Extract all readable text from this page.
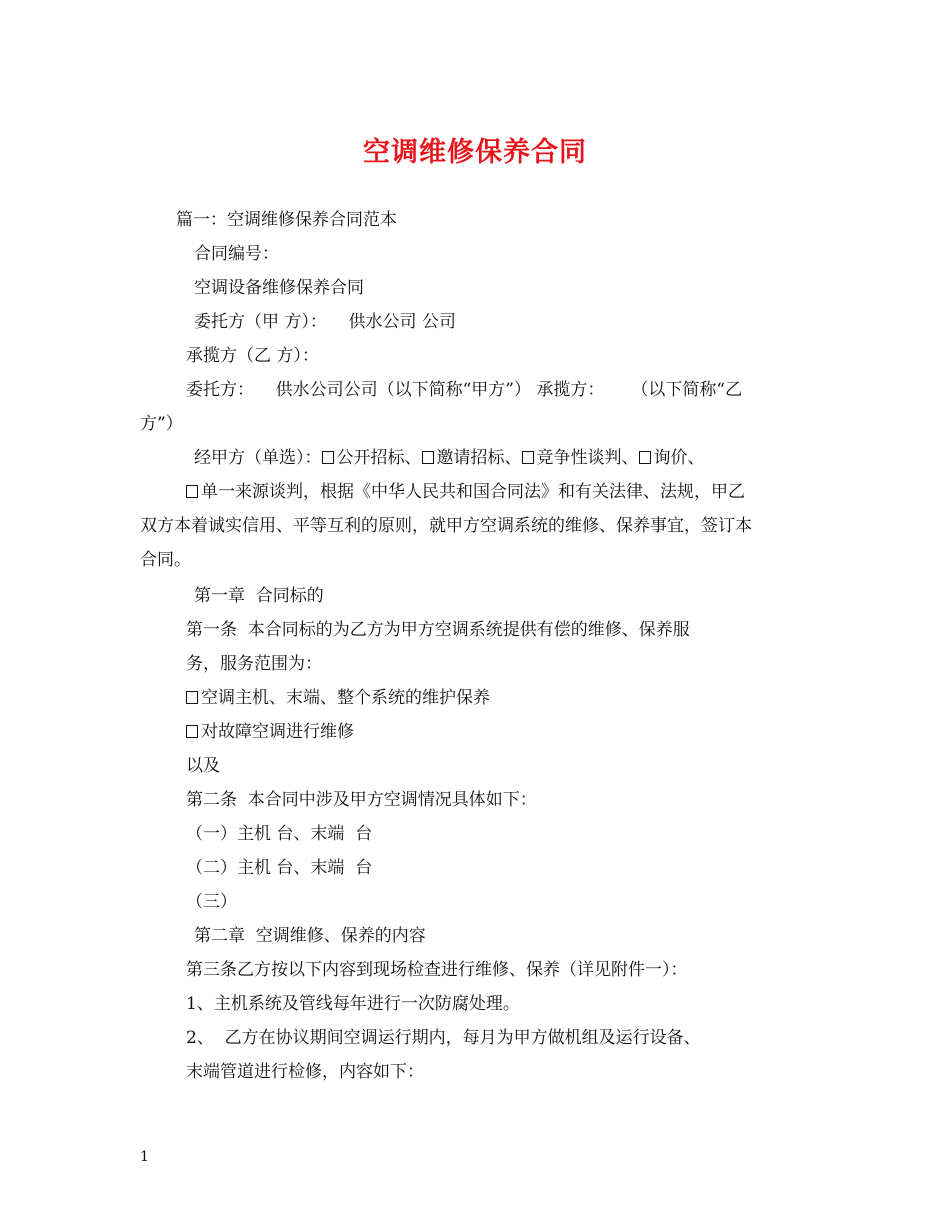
空调维修保养合同
篇一：空调维修保养合同范本
合同编号：
空调设备维修保养合同
委托方（甲 方）：    供水公司 公司
承揽方（乙 方）：
委托方：    供水公司公司（以下简称“甲方”） 承揽方：     （以下简称“乙
方”）
经甲方（单选）： 公开招标、 邀请招标、 竞争性谈判、 询价、
单一来源谈判，根据《中华人民共和国合同法》和有关法律、法规，甲乙
双方本着诚实信用、平等互利的原则，就甲方空调系统的维修、保养事宜，签订本
合同。
第一章  合同标的
第一条  本合同标的为乙方为甲方空调系统提供有偿的维修、保养服
务，服务范围为：
空调主机、末端、整个系统的维护保养
对故障空调进行维修
以及
第二条  本合同中涉及甲方空调情况具体如下：
（一）主机 台、末端  台
（二）主机 台、末端  台
（三）
第二章  空调维修、保养的内容
第三条乙方按以下内容到现场检查进行维修、保养（详见附件一）：
1、主机系统及管线每年进行一次防腐处理。
2、  乙方在协议期间空调运行期内，每月为甲方做机组及运行设备、
末端管道进行检修，内容如下：
1
